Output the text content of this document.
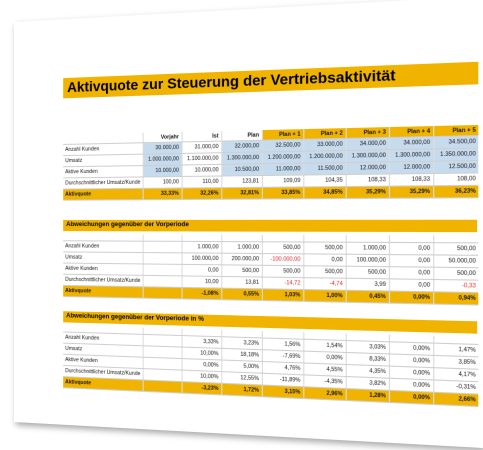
Aktivquote zur Steuerung der Vertriebsaktivität
	Vorjahr	Ist	Plan	Plan + 1	Plan + 2	Plan + 3	Plan + 4	Plan + 5
Anzahl Kunden	30.000,00	31.000,00	32.000,00	32.500,00	33.000,00	34.000,00	34.000,00	34.500,00
Umsatz	1.000.000,00	1.100.000,00	1.300.000,00	1.200.000,00	1.200.000,00	1.300.000,00	1.300.000,00	1.350.000,00
Aktive Kunden	10.000,00	10.000,00	10.500,00	11.000,00	11.500,00	12.000,00	12.000,00	12.500,00
Durchschnittlicher Umsatz/Kunde	100,00	110,00	123,81	109,09	104,35	108,33	108,33	108,00
Aktivquote	33,33%	32,26%	32,81%	33,85%	34,85%	35,29%	35,29%	36,23%
Abweichungen gegenüber der Vorperiode

Anzahl Kunden		1.000,00	1.000,00	500,00	500,00	1.000,00	0,00	500,00
Umsatz		100.000,00	200.000,00	-100.000,00	0,00	100.000,00	0,00	50.000,00
Aktive Kunden		0,00	500,00	500,00	500,00	500,00	0,00	500,00
Durchschnittlicher Umsatz/Kunde		10,00	13,81	-14,72	-4,74	3,99	0,00	-0,33
Aktivquote		-1,08%	0,55%	1,03%	1,00%	0,45%	0,00%	0,94%
Abweichungen gegenüber der Vorperiode in %

Anzahl Kunden		3,33%	3,23%	1,56%	1,54%	3,03%	0,00%	1,47%
Umsatz		10,00%	18,18%	-7,69%	0,00%	8,33%	0,00%	3,85%
Aktive Kunden		0,00%	5,00%	4,76%	4,55%	4,35%	0,00%	4,17%
Durchschnittlicher Umsatz/Kunde		10,00%	12,55%	-11,89%	-4,35%	3,82%	0,00%	-0,31%
Aktivquote		-3,23%	1,72%	3,15%	2,96%	1,28%	0,00%	2,66%
